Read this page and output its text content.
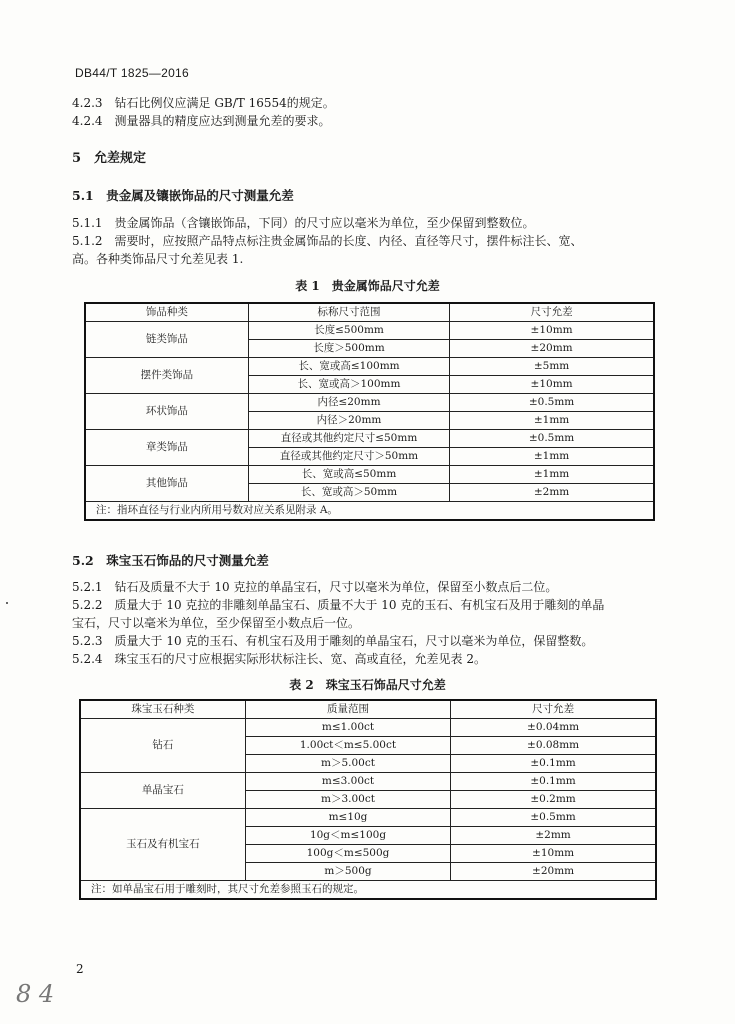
DB44/T 1825—2016
4.2.3　钻石比例仪应满足 GB/T 16554的规定。
4.2.4　测量器具的精度应达到测量允差的要求。
5　允差规定
5.1　贵金属及镶嵌饰品的尺寸测量允差
5.1.1　贵金属饰品（含镶嵌饰品，下同）的尺寸应以毫米为单位，至少保留到整数位。
5.1.2　需要时，应按照产品特点标注贵金属饰品的长度、内径、直径等尺寸，摆件标注长、宽、
高。各种类饰品尺寸允差见表 1.
表 1　贵金属饰品尺寸允差
饰品种类	标称尺寸范围	尺寸允差
链类饰品	长度≤500mm	±10mm
	长度＞500mm	±20mm
摆件类饰品	长、宽或高≤100mm	±5mm
	长、宽或高＞100mm	±10mm
环状饰品	内径≤20mm	±0.5mm
	内径＞20mm	±1mm
章类饰品	直径或其他约定尺寸≤50mm	±0.5mm
	直径或其他约定尺寸＞50mm	±1mm
其他饰品	长、宽或高≤50mm	±1mm
	长、宽或高＞50mm	±2mm
注：指环直径与行业内所用号数对应关系见附录 A。		
5.2　珠宝玉石饰品的尺寸测量允差
5.2.1　钻石及质量不大于 10 克拉的单晶宝石，尺寸以毫米为单位，保留至小数点后二位。
5.2.2　质量大于 10 克拉的非雕刻单晶宝石、质量不大于 10 克的玉石、有机宝石及用于雕刻的单晶
宝石，尺寸以毫米为单位，至少保留至小数点后一位。
5.2.3　质量大于 10 克的玉石、有机宝石及用于雕刻的单晶宝石，尺寸以毫米为单位，保留整数。
5.2.4　珠宝玉石的尺寸应根据实际形状标注长、宽、高或直径，允差见表 2。
表 2　珠宝玉石饰品尺寸允差
珠宝玉石种类	质量范围	尺寸允差
钻石	m≤1.00ct	±0.04mm
	1.00ct＜m≤5.00ct	±0.08mm
	m＞5.00ct	±0.1mm
单晶宝石	m≤3.00ct	±0.1mm
	m＞3.00ct	±0.2mm
玉石及有机宝石	m≤10g	±0.5mm
	10g＜m≤100g	±2mm
	100g＜m≤500g	±10mm
	m＞500g	±20mm
注：如单晶宝石用于雕刻时，其尺寸允差参照玉石的规定。		
2
8 4
